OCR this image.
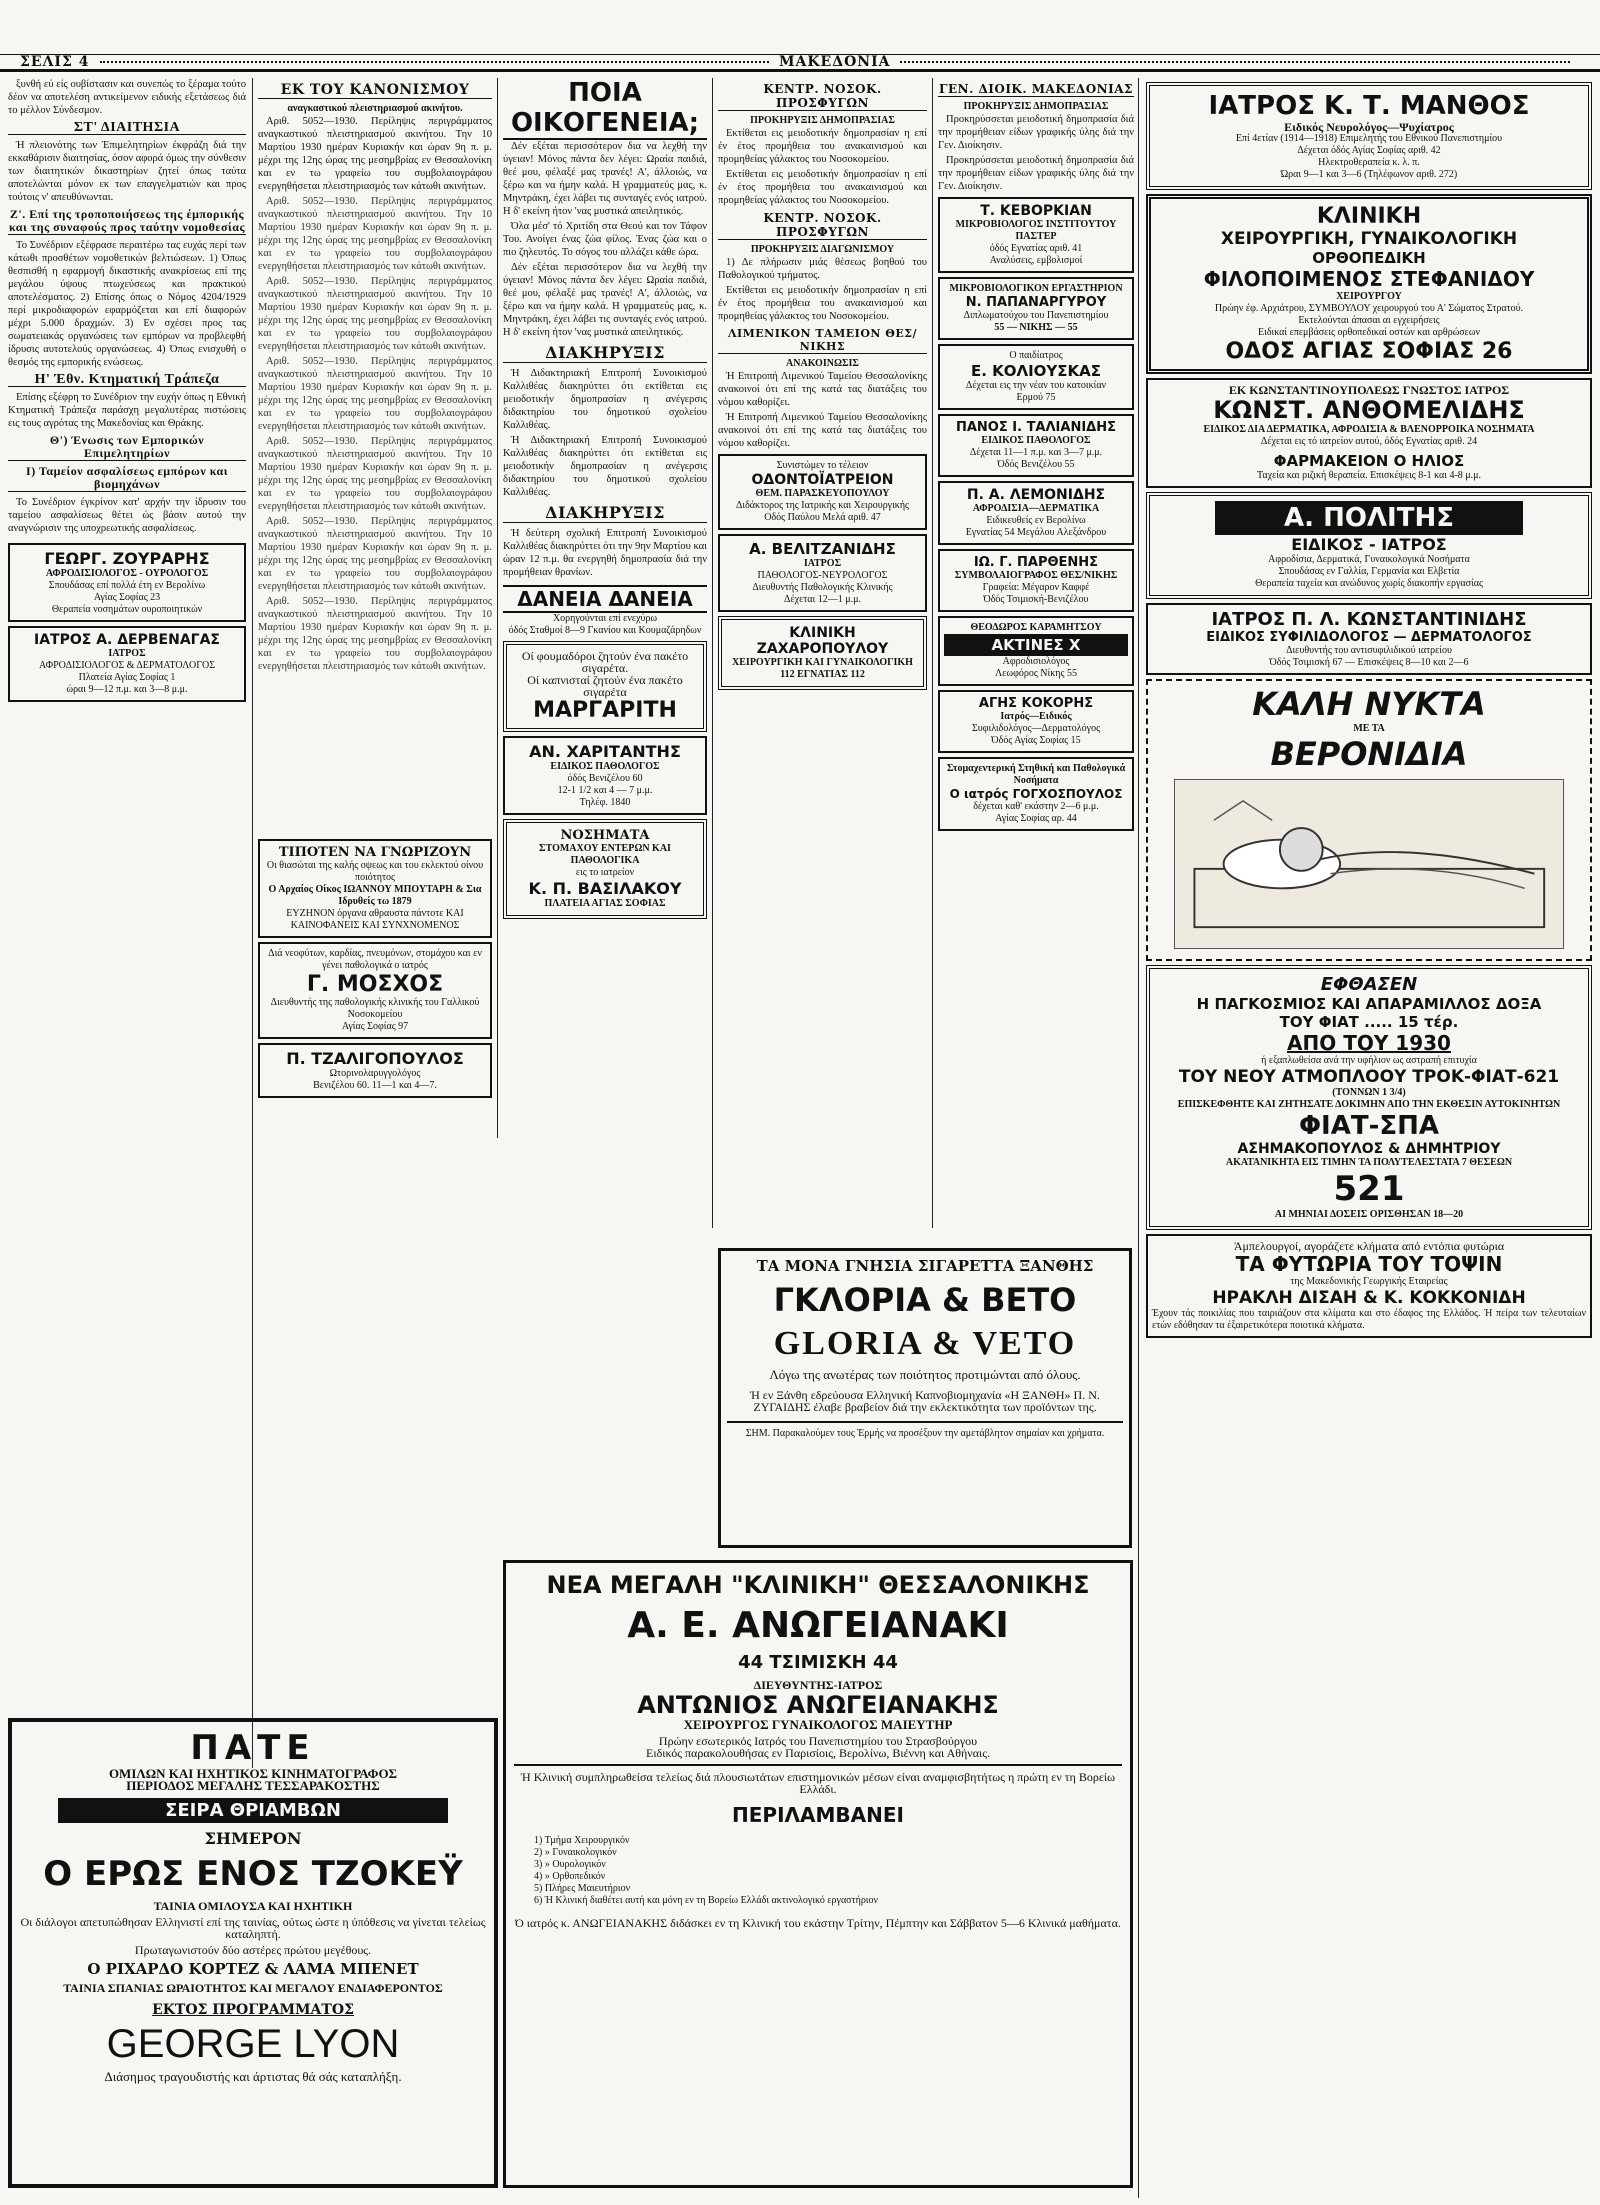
ΣΕΛΙΣ 4	ΜΑΚΕΔΟΝΙΑ

ξυνθή εύ είς ουβίστασιν και συνεπώς το ξέραμα τούτο δέον να αποτελέση αντικείμενον ειδικής εξετάσεως διά το μέλλον Σύνδεσμον.

ΣΤ' ΔΙΑΙΤΗΣΙΑ

Ή πλειονότης των Έπιμελητηρίων έκφράζη διά την εκκαθάρισιν διαιτησίας, όσον αφορά όμως την σύνθεσιν των διαιτητικών δικαστηρίων ζητεί όπως ταύτα αποτελώνται μόνον εκ των επαγγελματιών και προς τούτοις ν' απευθύνωνται.

Ζ'. Επί της τροποποιήσεως της έμπορικής και της συναφούς προς ταύτην νομοθεσίας

Το Συνέδριον εξέφρασε περαιτέρω τας ευχάς περί των κάτωθι προσθέτων νομοθετικών βελτιώσεων. 1) Όπως θεσπισθή η εφαρμογή δικαστικής ανακρίσεως επί της μεγάλου ύψους πτωχεύσεως και πρακτικού αποτελέσματος. 2) Επίσης όπως ο Νόμος 4204/1929 περί μικροδιαφορών εφαρμόζεται και επί διαφορών μέχρι 5.000 δραχμών. 3) Εν σχέσει προς τας σωματειακάς οργανώσεις των εμπόρων να προβλεφθή ίδρυσις αυτοτελούς οργανώσεως. 4) Όπως ενισχυθή ο θεσμός της εμπορικής ενώσεως.

Η' Έθν. Κτηματική Τράπεζα

Επίσης εξέφρη το Συνέδριον την ευχήν όπως η Εθνική Κτηματική Τράπεζα παράσχη μεγαλυτέρας πιστώσεις εις τους αγρότας της Μακεδονίας και Θράκης.

Θ') Ένωσις των Εμπορικών Επιμελητηρίων
Ι) Ταμείον ασφαλίσεως εμπόρων και βιομηχάνων

Το Συνέδριον έγκρίνον κατ' αρχήν την ίδρυσιν του ταμείου ασφαλίσεως θέτει ώς βάσιν αυτού την αναγνώρισιν της υποχρεωτικής ασφαλίσεως.

ΓΕΩΡΓ. ΖΟΥΡΑΡΗΣ
ΑΦΡΟΔΙΣΙΟΛΟΓΟΣ - ΟΥΡΟΛΟΓΟΣ
Σπουδάσας επί πολλά έτη εν Βερολίνω
Αγίας Σοφίας 23
Θεραπεία νοσημάτων ουροποιητικών
ΙΑΤΡΟΣ Α. ΔΕΡΒΕΝΑΓΑΣ
ΙΑΤΡΟΣ
ΑΦΡΟΔΙΣΙΟΛΟΓΟΣ & ΔΕΡΜΑΤΟΛΟΓΟΣ
Πλατεία Αγίας Σοφίας 1
ώραι 9—12 π.μ. και 3—8 μ.μ.
ΠΑΤΕ
ΟΜΙΛΩΝ ΚΑΙ ΗΧΗΤΙΚΟΣ ΚΙΝΗΜΑΤΟΓΡΑΦΟΣ
ΠΕΡΙΟΔΟΣ ΜΕΓΑΛΗΣ ΤΕΣΣΑΡΑΚΟΣΤΗΣ
ΣΕΙΡΑ ΘΡΙΑΜΒΩΝ
ΣΗΜΕΡΟΝ
Ο ΕΡΩΣ ΕΝΟΣ ΤΖΟΚΕΫ
ΤΑΙΝΙΑ ΟΜΙΛΟΥΣΑ ΚΑΙ ΗΧΗΤΙΚΗ
Οι διάλογοι απετυπώθησαν Ελληνιστί επί της ταινίας, ούτως ώστε η ύπόθεσις να γίνεται τελείως καταληπτή.
Πρωταγωνιστούν δύο αστέρες πρώτου μεγέθους.
Ο ΡΙΧΑΡΔΟ ΚΟΡΤΕΖ & ΛΑΜΑ ΜΠΕΝΕΤ
ΤΑΙΝΙΑ ΣΠΑΝΙΑΣ ΩΡΑΙΟΤΗΤΟΣ ΚΑΙ ΜΕΓΑΛΟΥ ΕΝΔΙΑΦΕΡΟΝΤΟΣ
ΕΚΤΟΣ ΠΡΟΓΡΑΜΜΑΤΟΣ
GEORGE LYON
Διάσημος τραγουδιστής και άρτιστας θά σάς καταπλήξη.
ΕΚ ΤΟΥ ΚΑΝΟΝΙΣΜΟΥ
αναγκαστικού πλειστηριασμού ακινήτου.

Αριθ. 5052—1930. Περίληψις περιγράμματος αναγκαστικού πλειστηριασμού ακινήτου. Την 10 Μαρτίου 1930 ημέραν Κυριακήν και ώραν 9η π. μ. μέχρι της 12ης ώρας της μεσημβρίας εν Θεσσαλονίκη και εν τω γραφείω του συμβολαιογράφου ενεργηθήσεται πλειστηριασμός των κάτωθι ακινήτων.

Αριθ. 5052—1930. Περίληψις περιγράμματος αναγκαστικού πλειστηριασμού ακινήτου. Την 10 Μαρτίου 1930 ημέραν Κυριακήν και ώραν 9η π. μ. μέχρι της 12ης ώρας της μεσημβρίας εν Θεσσαλονίκη και εν τω γραφείω του συμβολαιογράφου ενεργηθήσεται πλειστηριασμός των κάτωθι ακινήτων.

Αριθ. 5052—1930. Περίληψις περιγράμματος αναγκαστικού πλειστηριασμού ακινήτου. Την 10 Μαρτίου 1930 ημέραν Κυριακήν και ώραν 9η π. μ. μέχρι της 12ης ώρας της μεσημβρίας εν Θεσσαλονίκη και εν τω γραφείω του συμβολαιογράφου ενεργηθήσεται πλειστηριασμός των κάτωθι ακινήτων.

Αριθ. 5052—1930. Περίληψις περιγράμματος αναγκαστικού πλειστηριασμού ακινήτου. Την 10 Μαρτίου 1930 ημέραν Κυριακήν και ώραν 9η π. μ. μέχρι της 12ης ώρας της μεσημβρίας εν Θεσσαλονίκη και εν τω γραφείω του συμβολαιογράφου ενεργηθήσεται πλειστηριασμός των κάτωθι ακινήτων.

Αριθ. 5052—1930. Περίληψις περιγράμματος αναγκαστικού πλειστηριασμού ακινήτου. Την 10 Μαρτίου 1930 ημέραν Κυριακήν και ώραν 9η π. μ. μέχρι της 12ης ώρας της μεσημβρίας εν Θεσσαλονίκη και εν τω γραφείω του συμβολαιογράφου ενεργηθήσεται πλειστηριασμός των κάτωθι ακινήτων.

Αριθ. 5052—1930. Περίληψις περιγράμματος αναγκαστικού πλειστηριασμού ακινήτου. Την 10 Μαρτίου 1930 ημέραν Κυριακήν και ώραν 9η π. μ. μέχρι της 12ης ώρας της μεσημβρίας εν Θεσσαλονίκη και εν τω γραφείω του συμβολαιογράφου ενεργηθήσεται πλειστηριασμός των κάτωθι ακινήτων.

Αριθ. 5052—1930. Περίληψις περιγράμματος αναγκαστικού πλειστηριασμού ακινήτου. Την 10 Μαρτίου 1930 ημέραν Κυριακήν και ώραν 9η π. μ. μέχρι της 12ης ώρας της μεσημβρίας εν Θεσσαλονίκη και εν τω γραφείω του συμβολαιογράφου ενεργηθήσεται πλειστηριασμός των κάτωθι ακινήτων.

ΤΙΠΟΤΕΝ ΝΑ ΓΝΩΡΙΖΟΥΝ
Οι θιασώται της καλής οψεως και του εκλεκτού οίνου ποιότητος
Ο Αρχαίος Οίκος ΙΩΑΝΝΟΥ ΜΠΟΥΤΑΡΗ & Σια Ιδρυθείς τω 1879
ΕΥΖΗΝΟΝ όργανα αθραυστα πάντοτε ΚΑΙ ΚΑΙΝΟΦΑΝΕΙΣ ΚΑΙ ΣΥΝΧΝΟΜΕΝΟΣ
Διά νεοφύτων, καρδίας, πνευμόνων, στομάχου και εν γένει παθολογικά ο ιατρός
Γ. ΜΟΣΧΟΣ
Διευθυντής της παθολογικής κλινικής του Γαλλικού Νοσοκομείου
Αγίας Σοφίας 97
Π. ΤΖΑΛΙΓΟΠΟΥΛΟΣ
Ωτορινολαρυγγολόγος
Βενιζέλου 60. 11—1 και 4—7.
ΠΟΙΑ ΟΙΚΟΓΕΝΕΙΑ;

Δέν εξέται περισσότερον δια να λεχθή την ύγειαν! Μόνος πάντα δεν λέγει: Ωραία παιδιά, θεέ μου, φέλαξέ μας τρανές! Α', άλλοιώς, να ξέρω και να ήμην καλά. Η γραμματεύς μας, κ. Μηντράκη, έχει λάβει τις συνταγές ενός ιατρού. Η δ' εκείνη ήτον 'νας μυστικά απειλητικός.

Όλα μέσ' τό Χριτίδη στα Θεού και τον Τάφον Του. Ανοίγει ένας ζώα φίλος. Ένας ζώα και ο πιο ζηλευτός. Το σόγος του αλλάζει κάθε ώρα.

Δέν εξέται περισσότερον δια να λεχθή την ύγειαν! Μόνος πάντα δεν λέγει: Ωραία παιδιά, θεέ μου, φέλαξέ μας τρανές! Α', άλλοιώς, να ξέρω και να ήμην καλά. Η γραμματεύς μας, κ. Μηντράκη, έχει λάβει τις συνταγές ενός ιατρού. Η δ' εκείνη ήτον 'νας μυστικά απειλητικός.

ΔΙΑΚΗΡΥΞΙΣ

Ή Διδακτηριακή Επιτροπή Συνοικισμού Καλλιθέας διακηρύττει ότι εκτίθεται εις μειοδοτικήν δημοπρασίαν η ανέγερσις διδακτηρίου του δημοτικού σχολείου Καλλιθέας.

Ή Διδακτηριακή Επιτροπή Συνοικισμού Καλλιθέας διακηρύττει ότι εκτίθεται εις μειοδοτικήν δημοπρασίαν η ανέγερσις διδακτηρίου του δημοτικού σχολείου Καλλιθέας.

ΔΙΑΚΗΡΥΞΙΣ

Ή δεύτερη σχολική Επιτροπή Συνοικισμού Καλλιθέας διακηρύττει ότι την 9ην Μαρτίου και ώραν 12 π.μ. θα ενεργηθή δημοπρασία διά την προμήθειαν θρανίων.

ΔΑΝΕΙΑ ΔΑΝΕΙΑ
Χορηγούνται επί ενεχύρω
όδός Σταθμοί 8—9 Γκανίου και Κουμαζάρηδων
Οί φουμαδόροι ζητούν ένα πακέτο σιγαρέτα.
Οί καπνισταί ζητούν ένα πακέτο σιγαρέτα
ΜΑΡΓΑΡΙΤΗ
ΑΝ. ΧΑΡΙΤΑΝΤΗΣ
ΕΙΔΙΚΟΣ ΠΑΘΟΛΟΓΟΣ
όδός Βενιζέλου 60
12-1 1/2 και 4 — 7 μ.μ.
Τηλέφ. 1840
ΝΟΣΗΜΑΤΑ
ΣΤΟΜΑΧΟΥ ΕΝΤΕΡΩΝ ΚΑΙ ΠΑΘΟΛΟΓΙΚΑ
εις το ιατρείον
Κ. Π. ΒΑΣΙΛΑΚΟΥ
ΠΛΑΤΕΙΑ ΑΓΙΑΣ ΣΟΦΙΑΣ
ΚΕΝΤΡ. ΝΟΣΟΚ. ΠΡΟΣΦΥΓΩΝ
ΠΡΟΚΗΡΥΞΙΣ ΔΗΜΟΠΡΑΣΙΑΣ

Εκτίθεται εις μειοδοτικήν δημοπρασίαν η επί έν έτος προμήθεια του ανακαινισμού και προμηθείας γάλακτος του Νοσοκομείου.

Εκτίθεται εις μειοδοτικήν δημοπρασίαν η επί έν έτος προμήθεια του ανακαινισμού και προμηθείας γάλακτος του Νοσοκομείου.

ΚΕΝΤΡ. ΝΟΣΟΚ. ΠΡΟΣΦΥΓΩΝ
ΠΡΟΚΗΡΥΞΙΣ ΔΙΑΓΩΝΙΣΜΟΥ

1) Δε πλήρωσιν μιάς θέσεως βοηθού του Παθολογικού τμήματος.

Εκτίθεται εις μειοδοτικήν δημοπρασίαν η επί έν έτος προμήθεια του ανακαινισμού και προμηθείας γάλακτος του Νοσοκομείου.

ΛΙΜΕΝΙΚΟΝ ΤΑΜΕΙΟΝ ΘΕΣ/ΝΙΚΗΣ
ΑΝΑΚΟΙΝΩΣΙΣ

Ή Επιτροπή Λιμενικού Ταμείου Θεσσαλονίκης ανακοινοί ότι επί της κατά τας διατάξεις του νόμου καθορίζει.

Ή Επιτροπή Λιμενικού Ταμείου Θεσσαλονίκης ανακοινοί ότι επί της κατά τας διατάξεις του νόμου καθορίζει.

Συνιστώμεν το τέλειον
ΟΔΟΝΤΟΪΑΤΡΕΙΟΝ
ΘΕΜ. ΠΑΡΑΣΚΕΥΟΠΟΥΛΟΥ
Διδάκτορος της Ιατρικής και Χειρουργικής
Οδός Παύλου Μελά αριθ. 47
Α. ΒΕΛΙΤΖΑΝΙΔΗΣ
ΙΑΤΡΟΣ
ΠΑΘΟΛΟΓΟΣ-ΝΕΥΡΟΛΟΓΟΣ
Διευθυντής Παθολογικής Κλινικής
Δέχεται 12—1 μ.μ.
ΚΛΙΝΙΚΗ
ΖΑΧΑΡΟΠΟΥΛΟΥ
ΧΕΙΡΟΥΡΓΙΚΗ ΚΑΙ ΓΥΝΑΙΚΟΛΟΓΙΚΗ
112 ΕΓΝΑΤΙΑΣ 112
ΓΕΝ. ΔΙΟΙΚ. ΜΑΚΕΔΟΝΙΑΣ
ΠΡΟΚΗΡΥΞΙΣ ΔΗΜΟΠΡΑΣΙΑΣ

Προκηρύσσεται μειοδοτική δημοπρασία διά την προμήθειαν είδων γραφικής ύλης διά την Γεν. Διοίκησιν.

Προκηρύσσεται μειοδοτική δημοπρασία διά την προμήθειαν είδων γραφικής ύλης διά την Γεν. Διοίκησιν.

Τ. ΚΕΒΟΡΚΙΑΝ
ΜΙΚΡΟΒΙΟΛΟΓΟΣ ΙΝΣΤΙΤΟΥΤΟΥ ΠΑΣΤΕΡ
όδός Εγνατίας αριθ. 41
Αναλύσεις, εμβολισμοί
ΜΙΚΡΟΒΙΟΛΟΓΙΚΟΝ ΕΡΓΑΣΤΗΡΙΟΝ
Ν. ΠΑΠΑΝΑΡΓΥΡΟΥ
Διπλωματούχου του Πανεπιστημίου
55 — ΝΙΚΗΣ — 55
Ο παιδίατρος
Ε. ΚΟΛΙΟΥΣΚΑΣ
Δέχεται εις την νέαν του κατοικίαν
Ερμού 75
ΠΑΝΟΣ Ι. ΤΑΛΙΑΝΙΔΗΣ
ΕΙΔΙΚΟΣ ΠΑΘΟΛΟΓΟΣ
Δέχεται 11—1 π.μ. και 3—7 μ.μ.
Όδός Βενιζέλου 55
Π. Α. ΛΕΜΟΝΙΔΗΣ
ΑΦΡΟΔΙΣΙΑ—ΔΕΡΜΑΤΙΚΑ
Ειδικευθείς εν Βερολίνω
Εγνατίας 54 Μεγάλου Αλεξάνδρου
ΙΩ. Γ. ΠΑΡΘΕΝΗΣ
ΣΥΜΒΟΛΑΙΟΓΡΑΦΟΣ ΘΕΣ/ΝΙΚΗΣ
Γραφεία: Μέγαρον Καφφέ
Όδός Τσιμισκή-Βενιζέλου
ΘΕΟΔΩΡΟΣ ΚΑΡΑΜΗΤΣΟΥ
ΑΚΤΙΝΕΣ Χ
Αφροδισιολόγος
Λεωφόρος Νίκης 55
ΑΓΗΣ ΚΟΚΟΡΗΣ
Ιατρός—Ειδικός
Συφιλιδολόγος—Δερματολόγος
Όδός Αγίας Σοφίας 15
Στομαχεντερική Στηθική και Παθολογικά Νοσήματα
Ο ιατρός ΓΟΓΧΟΣΠΟΥΛΟΣ
δέχεται καθ' εκάστην 2—6 μ.μ.
Αγίας Σοφίας αρ. 44
ΤΑ ΜΟΝΑ ΓΝΗΣΙΑ ΣΙΓΑΡΕΤΤΑ ΞΑΝΘΗΣ
ΓΚΛΟΡΙΑ & ΒΕΤΟ
GLORIA & VETO
Λόγω της ανωτέρας των ποιότητος προτιμώνται από όλους.
Ή εν Ξάνθη εδρεύουσα Ελληνική Καπνοβιομηχανία «Η ΞΑΝΘΗ» Π. Ν. ΖΥΓΑΙΔΗΣ έλαβε βραβείον διά την εκλεκτικότητα των προϊόντων της.
ΣΗΜ. Παρακαλούμεν τους Έρμής να προσέξουν την αμετάβλητον σημαίαν και χρήματα.
ΝΕΑ ΜΕΓΑΛΗ "ΚΛΙΝΙΚΗ" ΘΕΣΣΑΛΟΝΙΚΗΣ
Α. Ε. ΑΝΩΓΕΙΑΝΑΚΙ
44 ΤΣΙΜΙΣΚΗ 44
ΔΙΕΥΘΥΝΤΗΣ-ΙΑΤΡΟΣ
ΑΝΤΩΝΙΟΣ ΑΝΩΓΕΙΑΝΑΚΗΣ
ΧΕΙΡΟΥΡΓΟΣ ΓΥΝΑΙΚΟΛΟΓΟΣ ΜΑΙΕΥΤΗΡ
Πρώην εσωτερικός Ιατρός του Πανεπιστημίου του Στρασβούργου
Ειδικός παρακολουθήσας εν Παρισίοις, Βερολίνω, Βιέννη και Αθήναις.
Ή Κλινική συμπληρωθείσα τελείως διά πλουσιωτάτων επιστημονικών μέσων είναι αναμφισβητήτως η πρώτη εν τη Βορείω Ελλάδι.
ΠΕΡΙΛΑΜΒΑΝΕΙ
1) Τμήμα Χειρουργικόν
2) » Γυναικολογικόν
3) » Ουρολογικόν
4) » Ορθοπεδικόν
5) Πλήρες Μαιευτήριον
6) Ή Κλινική διαθέτει αυτή και μόνη εν τη Βορείω Ελλάδι ακτινολογικό εργαστήριον
Ό ιατρός κ. ΑΝΩΓΕΙΑΝΑΚΗΣ διδάσκει εν τη Κλινική του εκάστην Τρίτην, Πέμπτην και Σάββατον 5—6 Κλινικά μαθήματα.
ΙΑΤΡΟΣ Κ. Τ. ΜΑΝΘΟΣ
Ειδικός Νευρολόγος—Ψυχίατρος
Επί 4ετίαν (1914—1918) Επιμελητής του Εθνικού Πανεπιστημίου
Δέχεται όδός Αγίας Σοφίας αριθ. 42
Ηλεκτροθεραπεία κ. λ. π.
Ώραι 9—1 και 3—6 (Τηλέφωνον αριθ. 272)
ΚΛΙΝΙΚΗ
ΧΕΙΡΟΥΡΓΙΚΗ, ΓΥΝΑΙΚΟΛΟΓΙΚΗ
ΟΡΘΟΠΕΔΙΚΗ
ΦΙΛΟΠΟΙΜΕΝΟΣ ΣΤΕΦΑΝΙΔΟΥ
ΧΕΙΡΟΥΡΓΟΥ
Πρώην έφ. Αρχιάτρου, ΣΥΜΒΟΥΛΟΥ χειρουργού του Α' Σώματος Στρατού.
Εκτελούνται άπασαι αι εγχειρήσεις
Ειδικαί επεμβάσεις ορθοπεδικαί οστών και αρθρώσεων
ΟΔΟΣ ΑΓΙΑΣ ΣΟΦΙΑΣ 26
ΕΚ ΚΩΝΣΤΑΝΤΙΝΟΥΠΟΛΕΩΣ ΓΝΩΣΤΟΣ ΙΑΤΡΟΣ
ΚΩΝΣΤ. ΑΝΘΟΜΕΛΙΔΗΣ
ΕΙΔΙΚΟΣ ΔΙΑ ΔΕΡΜΑΤΙΚΑ, ΑΦΡΟΔΙΣΙΑ & ΒΛΕΝΟΡΡΟΙΚΑ ΝΟΣΗΜΑΤΑ
Δέχεται εις τό ιατρείον αυτού, όδός Εγνατίας αριθ. 24
ΦΑΡΜΑΚΕΙΟΝ Ο ΗΛΙΟΣ
Ταχεία και ριζική θεραπεία. Επισκέψεις 8-1 και 4-8 μ.μ.
Α. ΠΟΛΙΤΗΣ
ΕΙΔΙΚΟΣ - ΙΑΤΡΟΣ
Αφροδίσια, Δερματικά, Γυναικολογικά Νοσήματα
Σπουδάσας εν Γαλλία, Γερμανία και Ελβετία
Θεραπεία ταχεία και ανώδυνος χωρίς διακοπήν εργασίας
ΙΑΤΡΟΣ Π. Λ. ΚΩΝΣΤΑΝΤΙΝΙΔΗΣ
ΕΙΔΙΚΟΣ ΣΥΦΙΛΙΔΟΛΟΓΟΣ — ΔΕΡΜΑΤΟΛΟΓΟΣ
Διευθυντής του αντισυφιλιδικού ιατρείου
Όδός Τσιμισκή 67 — Επισκέψεις 8—10 και 2—6
ΚΑΛΗ ΝΥΚΤΑ
ΜΕ ΤΑ
ΒΕΡΟΝΙΔΙΑ
ΕΦΘΑΣΕΝ
Η ΠΑΓΚΟΣΜΙΟΣ ΚΑΙ ΑΠΑΡΑΜΙΛΛΟΣ ΔΟΞΑ
ΤΟΥ ΦΙΑΤ ..... 15 τέρ.
ΑΠΟ ΤΟΥ 1930
ή εξαπλωθείσα ανά την υφήλιον ως αστραπή επιτυχία
ΤΟΥ ΝΕΟΥ ΑΤΜΟΠΛΟΟΥ ΤΡΟΚ-ΦΙΑΤ-621
(ΤΟΝΝΩΝ 1 3/4)
ΕΠΙΣΚΕΦΘΗΤΕ ΚΑΙ ΖΗΤΗΣΑΤΕ ΔΟΚΙΜΗΝ ΑΠΟ ΤΗΝ ΕΚΘΕΣΙΝ ΑΥΤΟΚΙΝΗΤΩΝ
ΦΙΑΤ-ΣΠΑ
ΑΣΗΜΑΚΟΠΟΥΛΟΣ & ΔΗΜΗΤΡΙΟΥ
ΑΚΑΤΑΝΙΚΗΤΑ ΕΙΣ ΤΙΜΗΝ ΤΑ ΠΟΛΥΤΕΛΕΣΤΑΤΑ 7 ΘΕΣΕΩΝ
521
ΑΙ ΜΗΝΙΑΙ ΔΟΣΕΙΣ ΟΡΙΣΘΗΣΑΝ 18—20
Άμπελουργοί, αγοράζετε κλήματα από εντόπια φυτώρια
ΤΑ ΦΥΤΩΡΙΑ ΤΟΥ ΤΟΨΙΝ
της Μακεδονικής Γεωργικής Εταιρείας
ΗΡΑΚΛΗ ΔΙΣΑΗ & Κ. ΚΟΚΚΟΝΙΔΗ
Έχουν τάς ποικιλίας που ταιριάζουν στα κλίματα και στο έδαφος της Ελλάδος. Ή πείρα των τελευταίων ετών εδόθησαν τα έξαιρετικότερα ποιοτικά κλήματα.
